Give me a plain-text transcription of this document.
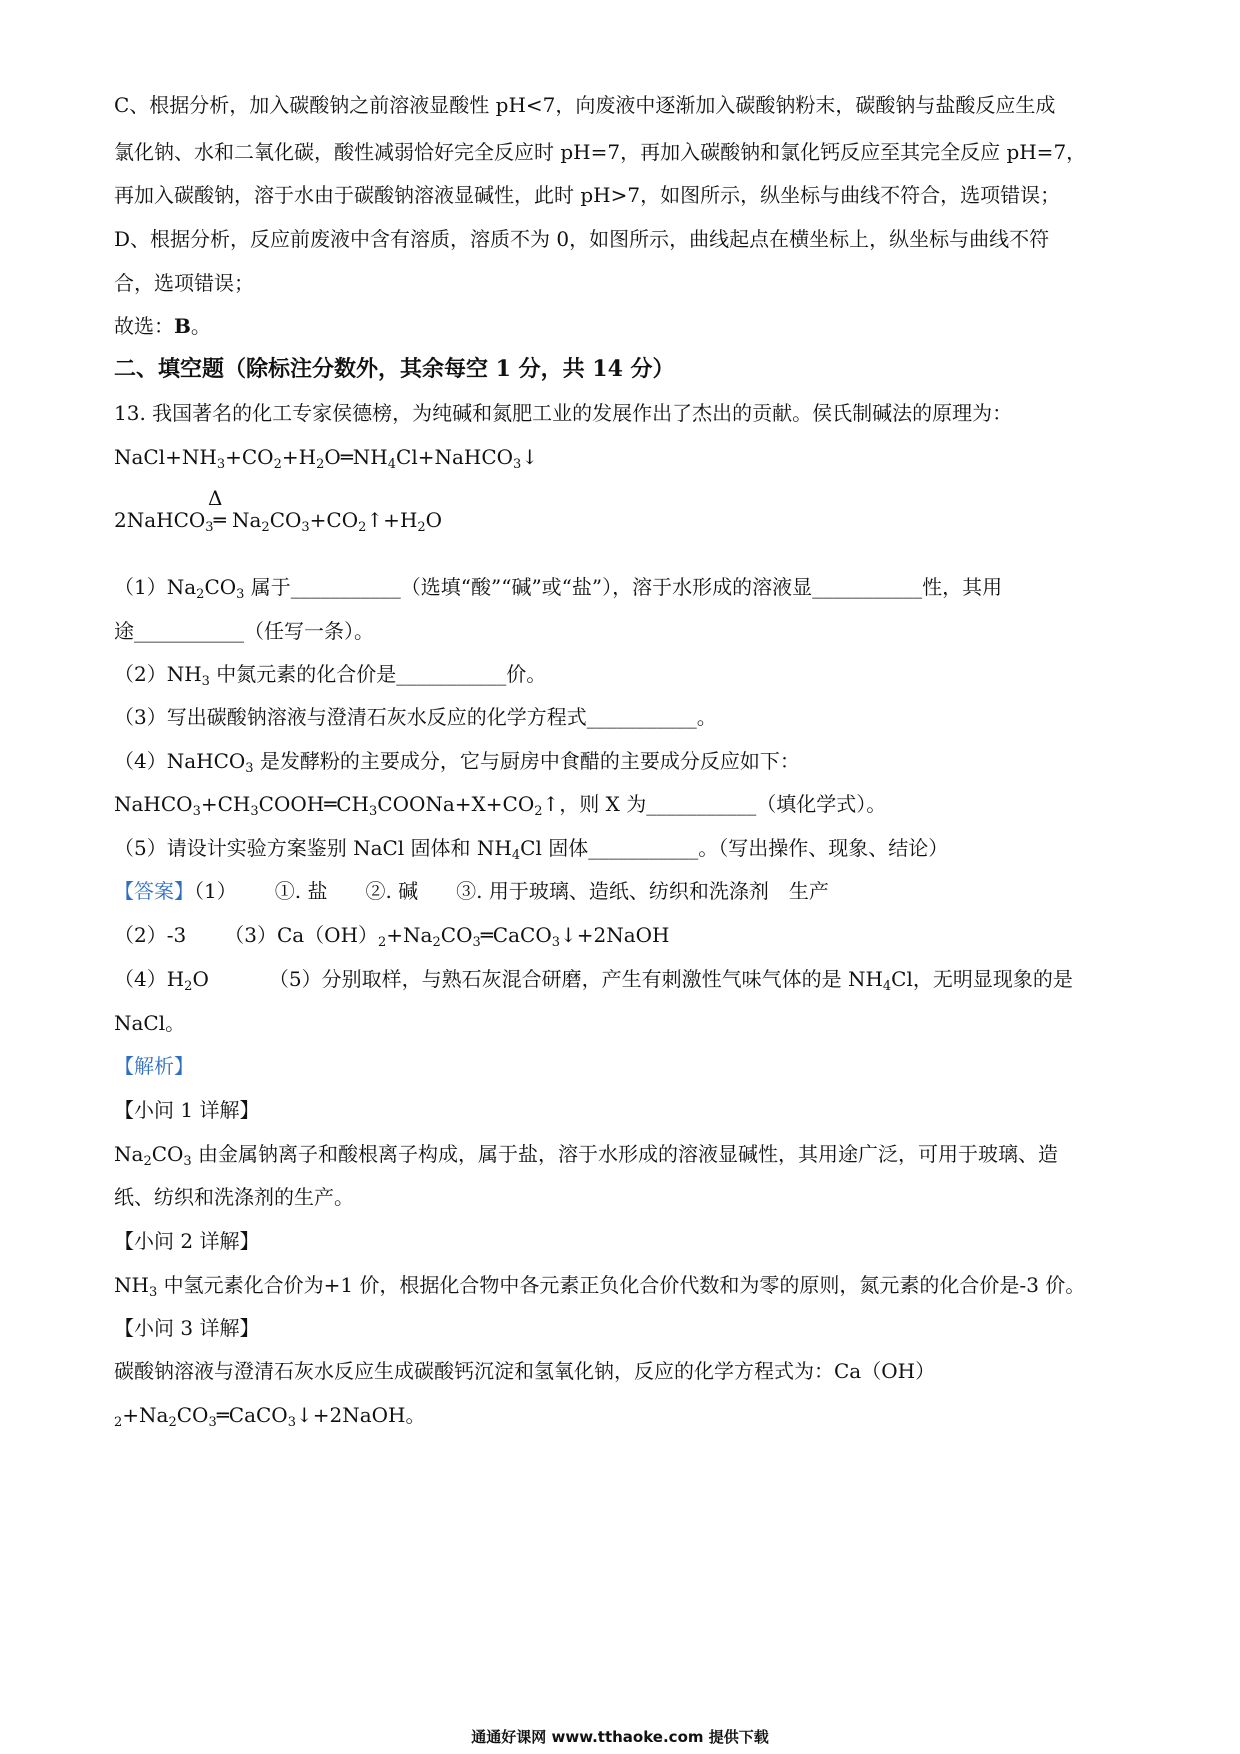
C、根据分析，加入碳酸钠之前溶液显酸性 pH<7，向废液中逐渐加入碳酸钠粉末，碳酸钠与盐酸反应生成
氯化钠、水和二氧化碳，酸性减弱恰好完全反应时 pH=7，再加入碳酸钠和氯化钙反应至其完全反应 pH=7，
再加入碳酸钠，溶于水由于碳酸钠溶液显碱性，此时 pH>7，如图所示，纵坐标与曲线不符合，选项错误；
D、根据分析，反应前废液中含有溶质，溶质不为 0，如图所示，曲线起点在横坐标上，纵坐标与曲线不符
合，选项错误；
故选：B。
二、填空题（除标注分数外，其余每空 1 分，共 14 分）
13. 我国著名的化工专家侯德榜，为纯碱和氮肥工业的发展作出了杰出的贡献。侯氏制碱法的原理为：
$NaCl+NH_3+CO_2+H_2O═NH_4Cl+NaHCO_3↓$
2NaHCO$_3$═ $Na_2CO_3+CO_2↑+H_2O$
Δ
$(1)Na_2CO_3$ 属于___________（选填“酸”“碱”或“盐”），溶于水形成的溶液显___________性，其用
途___________（任写一条）。
$(2)NH_3$ 中氮元素的化合价是___________价。
（3）写出碳酸钠溶液与澄清石灰水反应的化学方程式___________。
（4）NaHCO$_3$ 是发酵粉的主要成分，它与厨房中食醋的主要成分反应如下：
$NaHCO_3+CH_3COOH═CH_3COONa+X+CO_2↑$，则 X 为___________（填化学式）。
（5）请设计实验方案鉴别 NaCl 固体和 $NH_4Cl$ 固体___________。（写出操作、现象、结论）
【答案】（1） ①. 盐 ②. 碱 ③. 用于玻璃、造纸、纺织和洗涤剂　生产
（2）-3 $(3)Ca(OH)_2+Na_2CO_3═CaCO_3↓+2NaOH$
$(4)H_2O$	（5）分别取样，与熟石灰混合研磨，产生有刺激性气味气体的是 $NH_4Cl$，无明显现象的是
NaCl。
【解析】
【小问 1 详解】
$Na_2CO_3$ 由金属钠离子和酸根离子构成，属于盐，溶于水形成的溶液显碱性，其用途广泛，可用于玻璃、造
纸、纺织和洗涤剂的生产。
【小问 2 详解】
$NH_3$ 中氢元素化合价为+1 价，根据化合物中各元素正负化合价代数和为零的原则，氮元素的化合价是-3 价。
【小问 3 详解】
碳酸钠溶液与澄清石灰水反应生成碳酸钙沉淀和氢氧化钠，反应的化学方程式为：Ca（OH）
$_2+Na_2CO_3═CaCO_3↓+2NaOH$。
通通好课网 www.tthaoke.com 提供下载
